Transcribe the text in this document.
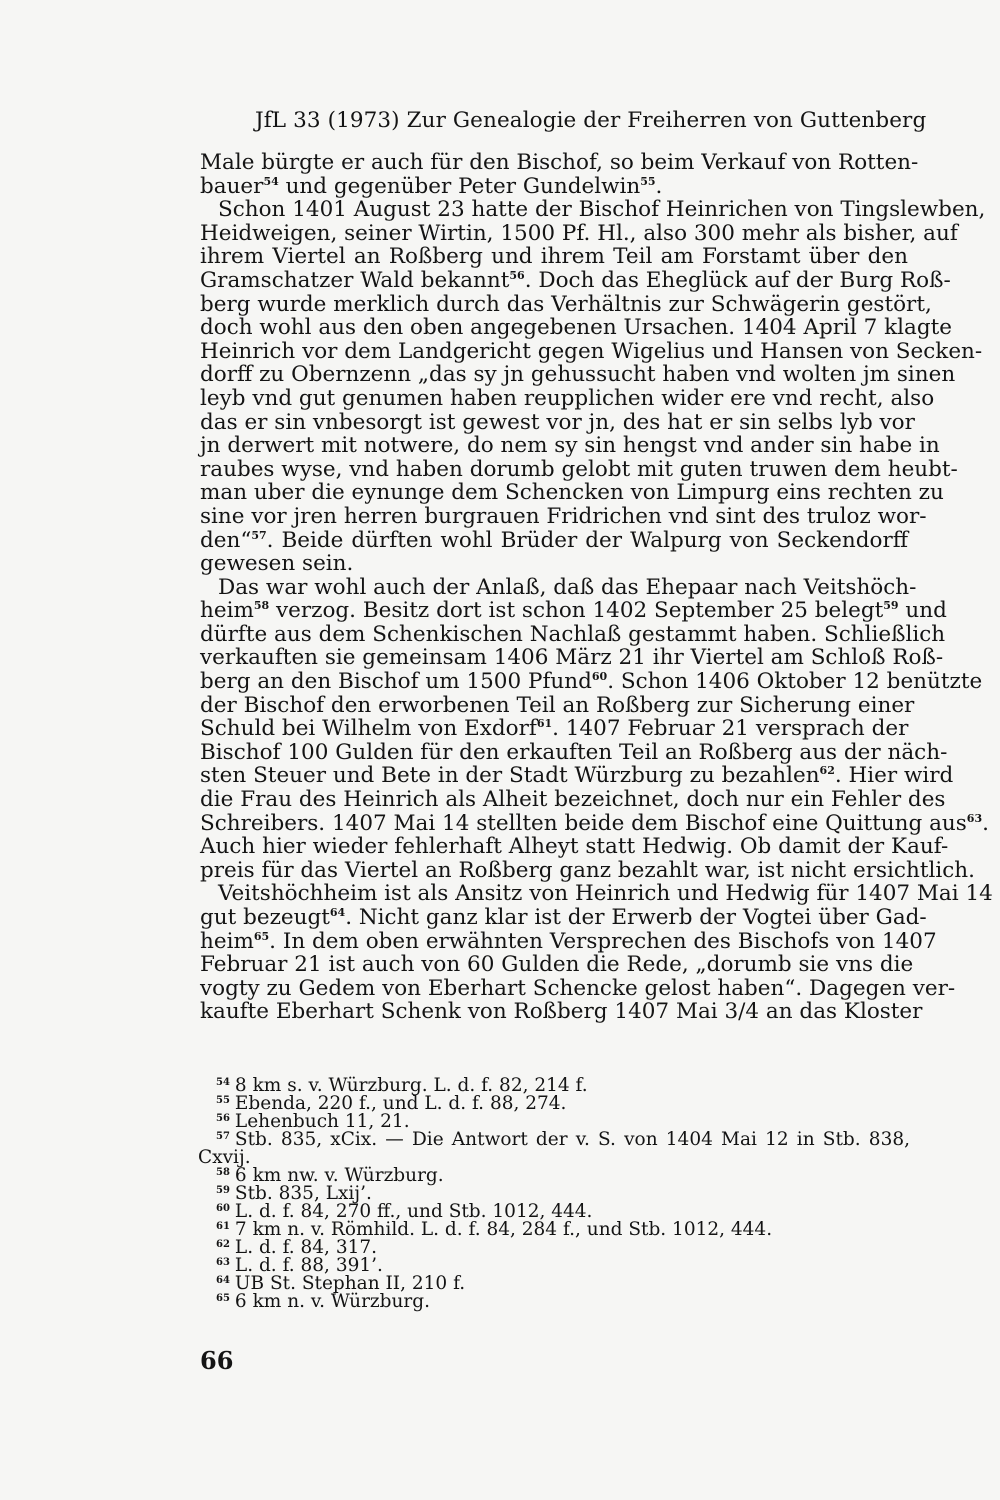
JfL 33 (1973) Zur Genealogie der Freiherren von Guttenberg
Male bürgte er auch für den Bischof, so beim Verkauf von Rotten-
bauer$^{54}$ und gegenüber Peter Gundelwin$^{55}$.
Schon 1401 August 23 hatte der Bischof Heinrichen von Tingslewben,
Heidweigen, seiner Wirtin, 1500 Pf. Hl., also 300 mehr als bisher, auf
ihrem Viertel an Roßberg und ihrem Teil am Forstamt über den
Gramschatzer Wald bekannt$^{56}$. Doch das Eheglück auf der Burg Roß-
berg wurde merklich durch das Verhältnis zur Schwägerin gestört,
doch wohl aus den oben angegebenen Ursachen. 1404 April 7 klagte
Heinrich vor dem Landgericht gegen Wigelius und Hansen von Secken-
dorff zu Obernzenn „das sy jn gehussucht haben vnd wolten jm sinen
leyb vnd gut genumen haben reupplichen wider ere vnd recht, also
das er sin vnbesorgt ist gewest vor jn, des hat er sin selbs lyb vor
jn derwert mit notwere, do nem sy sin hengst vnd ander sin habe in
raubes wyse, vnd haben dorumb gelobt mit guten truwen dem heubt-
man uber die eynunge dem Schencken von Limpurg eins rechten zu
sine vor jren herren burgrauen Fridrichen vnd sint des truloz wor-
den“$^{57}$. Beide dürften wohl Brüder der Walpurg von Seckendorff
gewesen sein.
Das war wohl auch der Anlaß, daß das Ehepaar nach Veitshöch-
heim$^{58}$ verzog. Besitz dort ist schon 1402 September 25 belegt$^{59}$ und
dürfte aus dem Schenkischen Nachlaß gestammt haben. Schließlich
verkauften sie gemeinsam 1406 März 21 ihr Viertel am Schloß Roß-
berg an den Bischof um 1500 Pfund$^{60}$. Schon 1406 Oktober 12 benützte
der Bischof den erworbenen Teil an Roßberg zur Sicherung einer
Schuld bei Wilhelm von Exdorf$^{61}$. 1407 Februar 21 versprach der
Bischof 100 Gulden für den erkauften Teil an Roßberg aus der näch-
sten Steuer und Bete in der Stadt Würzburg zu bezahlen$^{62}$. Hier wird
die Frau des Heinrich als Alheit bezeichnet, doch nur ein Fehler des
Schreibers. 1407 Mai 14 stellten beide dem Bischof eine Quittung aus$^{63}$.
Auch hier wieder fehlerhaft Alheyt statt Hedwig. Ob damit der Kauf-
preis für das Viertel an Roßberg ganz bezahlt war, ist nicht ersichtlich.
Veitshöchheim ist als Ansitz von Heinrich und Hedwig für 1407 Mai 14
gut bezeugt$^{64}$. Nicht ganz klar ist der Erwerb der Vogtei über Gad-
heim$^{65}$. In dem oben erwähnten Versprechen des Bischofs von 1407
Februar 21 ist auch von 60 Gulden die Rede, „dorumb sie vns die
vogty zu Gedem von Eberhart Schencke gelost haben“. Dagegen ver-
kaufte Eberhart Schenk von Roßberg 1407 Mai 3/4 an das Kloster
$^{54}$ 8 km s. v. Würzburg. L. d. f. 82, 214 f.
$^{55}$ Ebenda, 220 f., und L. d. f. 88, 274.
$^{56}$ Lehenbuch 11, 21.
$^{57}$ Stb. 835, xCix. — Die Antwort der v. S. von 1404 Mai 12 in Stb. 838,
Cxvij.
$^{58}$ 6 km nw. v. Würzburg.
$^{59}$ Stb. 835, Lxij’.
$^{60}$ L. d. f. 84, 270 ff., und Stb. 1012, 444.
$^{61}$ 7 km n. v. Römhild. L. d. f. 84, 284 f., und Stb. 1012, 444.
$^{62}$ L. d. f. 84, 317.
$^{63}$ L. d. f. 88, 391’.
$^{64}$ UB St. Stephan II, 210 f.
$^{65}$ 6 km n. v. Würzburg.
66
